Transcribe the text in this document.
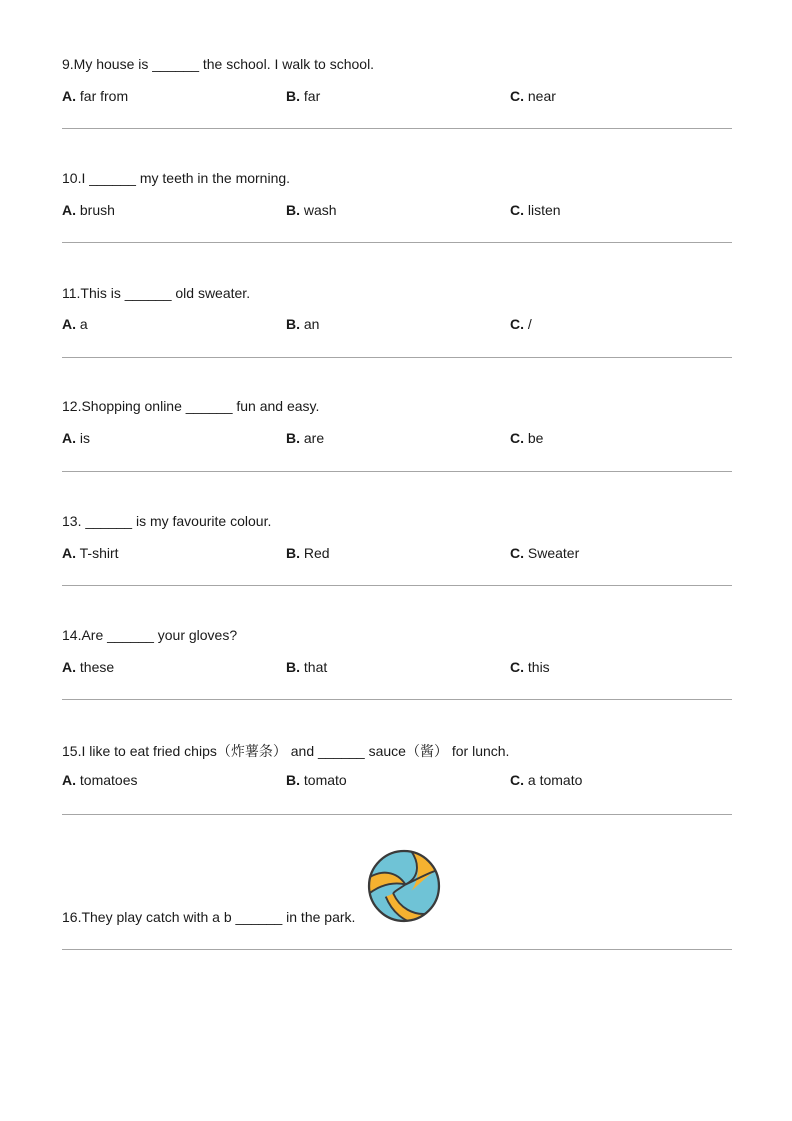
9.My house is ______ the school. I walk to school.
A. far from	B. far	C. near
10.I ______ my teeth in the morning.
A. brush	B. wash	C. listen
11.This is ______ old sweater.
A. a	B. an	C. /
12.Shopping online ______ fun and easy.
A. is	B. are	C. be
13. ______ is my favourite colour.
A. T-shirt	B. Red	C. Sweater
14.Are ______ your gloves?
A. these	B. that	C. this
15.I like to eat fried chips（炸薯条） and ______ sauce（酱） for lunch.
A. tomatoes	B. tomato	C. a tomato
16.They play catch with a b ______ in the park.
